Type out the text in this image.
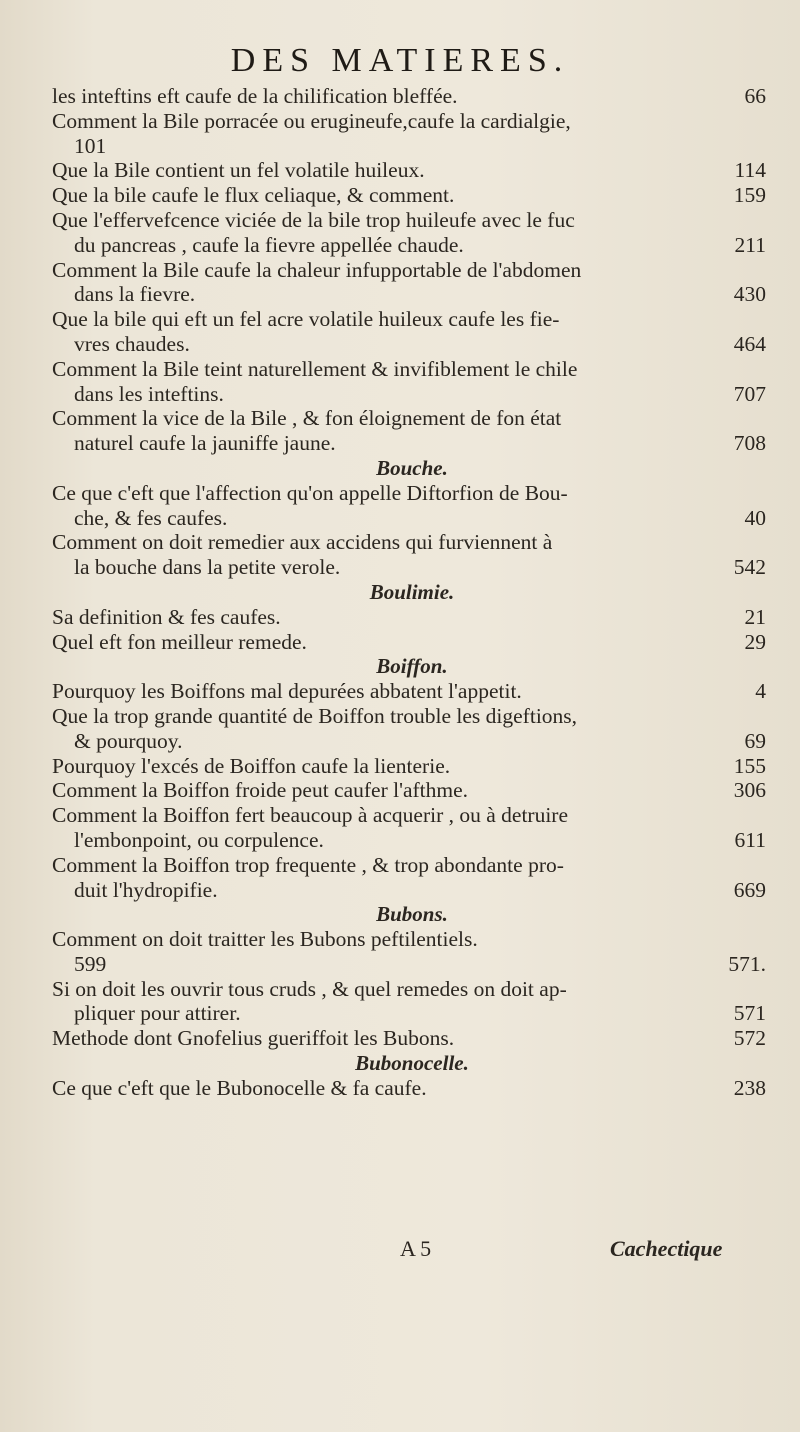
DES MATIERES.
les inteftins eft caufe de la chilification bleffée.	66
Comment la Bile porracée ou erugineufe,caufe la cardialgie,
101
Que la Bile contient un fel volatile huileux.	114
Que la bile caufe le flux celiaque, & comment.	159
Que l'effervefcence viciée de la bile trop huileufe avec le fuc
du pancreas , caufe la fievre appellée chaude.	211
Comment la Bile caufe la chaleur infupportable de l'abdomen
dans la fievre.	430
Que la bile qui eft un fel acre volatile huileux caufe les fie-
vres chaudes.	464
Comment la Bile teint naturellement & invifiblement le chile
dans les inteftins.	707
Comment la vice de la Bile , & fon éloignement de fon état
naturel caufe la jauniffe jaune.	708
Bouche.
Ce que c'eft que l'affection qu'on appelle Diftorfion de Bou-
che, & fes caufes.	40
Comment on doit remedier aux accidens qui furviennent à
la bouche dans la petite verole.	542
Boulimie.
Sa definition & fes caufes.	21
Quel eft fon meilleur remede.	29
Boiffon.
Pourquoy les Boiffons mal depurées abbatent l'appetit.	4
Que la trop grande quantité de Boiffon trouble les digeftions,
& pourquoy.	69
Pourquoy l'excés de Boiffon caufe la lienterie.	155
Comment la Boiffon froide peut caufer l'afthme.	306
Comment la Boiffon fert beaucoup à acquerir , ou à detruire
l'embonpoint, ou corpulence.	611
Comment la Boiffon trop frequente , & trop abondante pro-
duit l'hydropifie.	669
Bubons.
Comment on doit traitter les Bubons peftilentiels.
599	571.
Si on doit les ouvrir tous cruds , & quel remedes on doit ap-
pliquer pour attirer.	571
Methode dont Gnofelius gueriffoit les Bubons.	572
Bubonocelle.
Ce que c'eft que le Bubonocelle & fa caufe.	238
A 5	Cachectique
